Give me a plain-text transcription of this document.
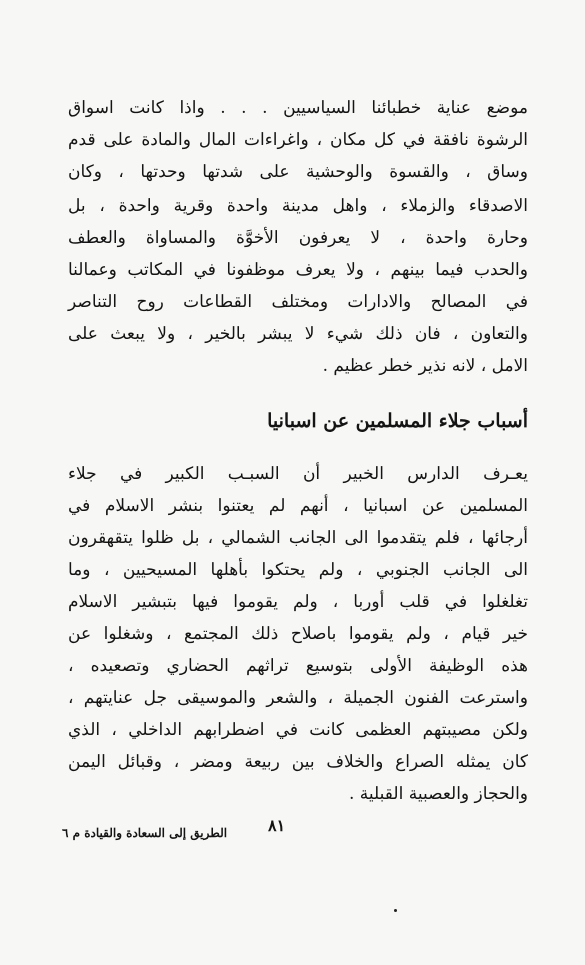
موضع عناية خطبائنا السياسيين . . . واذا كانت اسواق
الرشوة نافقة في كل مكان ، واغراءات المال والمادة على قدم
وساق ، والقسوة والوحشية على شدتها وحدتها ، وكان
الاصدقاء والزملاء ، واهل مدينة واحدة وقرية واحدة ، بل
وحارة واحدة ، لا يعرفون الأخوَّة والمساواة والعطف
والحدب فيما بينهم ، ولا يعرف موظفونا في المكاتب وعمالنا
في المصالح والادارات ومختلف القطاعات روح التناصر
والتعاون ، فان ذلك شيء لا يبشر بالخير ، ولا يبعث على
الامل ، لانه نذير خطر عظيم .
أسباب جلاء المسلمين عن اسبانيا
يعـرف الدارس الخبير أن السبـب الكبير في جلاء
المسلمين عن اسبانيا ، أنهم لم يعتنوا بنشر الاسلام في
أرجائها ، فلم يتقدموا الى الجانب الشمالي ، بل ظلوا يتقهقرون
الى الجانب الجنوبي ، ولم يحتكوا بأهلها المسيحيين ، وما
تغلغلوا في قلب أوربا ، ولم يقوموا فيها بتبشير الاسلام
خير قيام ، ولم يقوموا باصلاح ذلك المجتمع ، وشغلوا عن
هذه الوظيفة الأولى بتوسيع تراثهم الحضاري وتصعيده ،
واسترعت الفنون الجميلة ، والشعر والموسيقى جل عنايتهم ،
ولكن مصيبتهم العظمى كانت في اضطرابهم الداخلي ، الذي
كان يمثله الصراع والخلاف بين ربيعة ومضر ، وقبائل اليمن
والحجاز والعصبية القبلية .
٨١
الطريق إلى السعادة والقيادة م ٦
